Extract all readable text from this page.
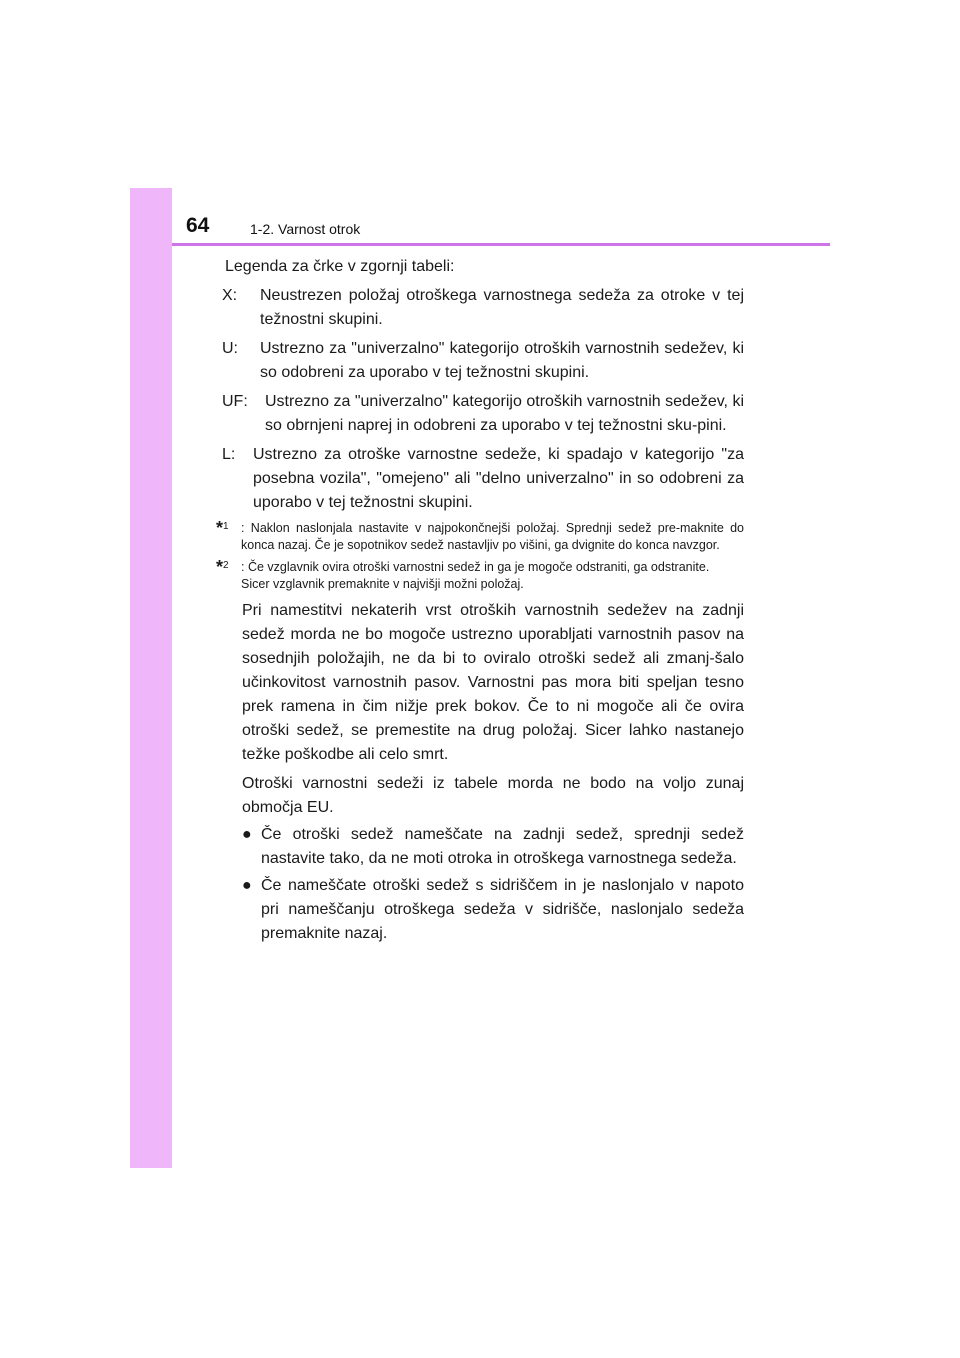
64	1-2. Varnost otrok
Legenda za črke v zgornji tabeli:
X:	Neustrezen položaj otroškega varnostnega sedeža za otroke v tej težnostni skupini.
U:	Ustrezno za "univerzalno" kategorijo otroških varnostnih sedežev, ki so odobreni za uporabo v tej težnostni skupini.
UF:	Ustrezno za "univerzalno" kategorijo otroških varnostnih sedežev, ki so obrnjeni naprej in odobreni za uporabo v tej težnostni sku-pini.
L:	Ustrezno za otroške varnostne sedeže, ki spadajo v kategorijo "za posebna vozila", "omejeno" ali "delno univerzalno" in so odobreni za uporabo v tej težnostni skupini.
*$^1$ : Naklon naslonjala nastavite v najpokončnejši položaj. Sprednji sedež pre-maknite do konca nazaj. Če je sopotnikov sedež nastavljiv po višini, ga dvignite do konca navzgor.

*$^2$ : Če vzglavnik ovira otroški varnostni sedež in ga je mogoče odstraniti, ga odstranite.

Sicer vzglavnik premaknite v najvišji možni položaj.

Pri namestitvi nekaterih vrst otroških varnostnih sedežev na zadnji sedež morda ne bo mogoče ustrezno uporabljati varnostnih pasov na sosednjih položajih, ne da bi to oviralo otroški sedež ali zmanj-šalo učinkovitost varnostnih pasov. Varnostni pas mora biti speljan tesno prek ramena in čim nižje prek bokov. Če to ni mogoče ali če ovira otroški sedež, se premestite na drug položaj. Sicer lahko nastanejo težke poškodbe ali celo smrt.

Otroški varnostni sedeži iz tabele morda ne bodo na voljo zunaj območja EU.

● Če otroški sedež nameščate na zadnji sedež, sprednji sedež nastavite tako, da ne moti otroka in otroškega varnostnega sedeža.
● Če nameščate otroški sedež s sidriščem in je naslonjalo v napoto pri nameščanju otroškega sedeža v sidrišče, naslonjalo sedeža premaknite nazaj.
